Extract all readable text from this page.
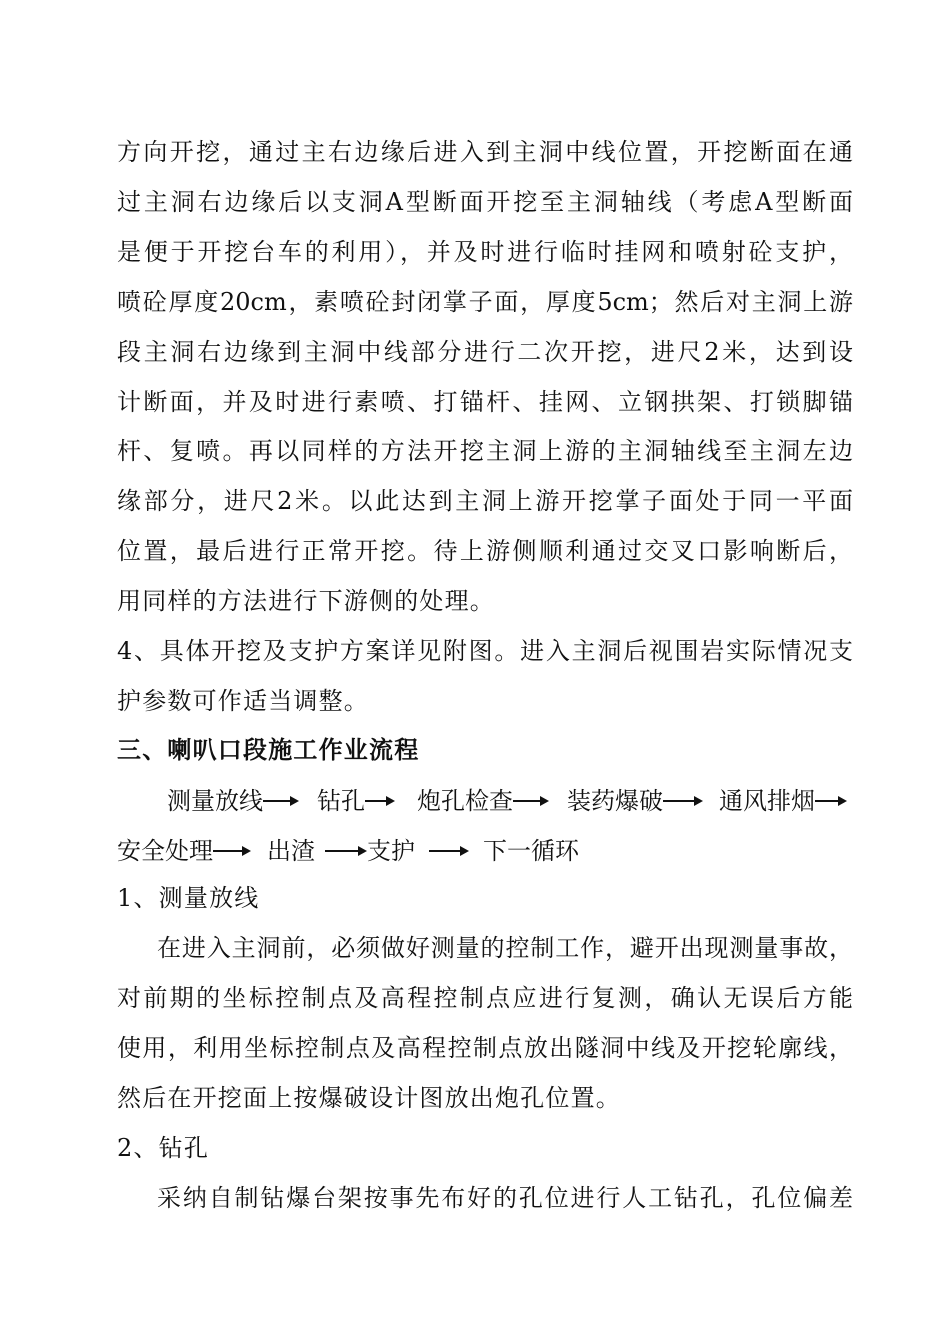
方向开挖，通过主右边缘后进入到主洞中线位置，开挖断面在通
过主洞右边缘后以支洞A型断面开挖至主洞轴线（考虑A型断面
是便于开挖台车的利用），并及时进行临时挂网和喷射砼支护，
喷砼厚度20cm，素喷砼封闭掌子面，厚度5cm；然后对主洞上游
段主洞右边缘到主洞中线部分进行二次开挖，进尺2米，达到设
计断面，并及时进行素喷、打锚杆、挂网、立钢拱架、打锁脚锚
杆、复喷。再以同样的方法开挖主洞上游的主洞轴线至主洞左边
缘部分，进尺2米。以此达到主洞上游开挖掌子面处于同一平面
位置，最后进行正常开挖。待上游侧顺利通过交叉口影响断后，
用同样的方法进行下游侧的处理。
4、具体开挖及支护方案详见附图。进入主洞后视围岩实际情况支
护参数可作适当调整。
三、喇叭口段施工作业流程
测量放线 钻孔 炮孔检查 装药爆破 通风排烟
安全处理 出渣 支护	下一循环
1、测量放线
在进入主洞前，必须做好测量的控制工作，避开出现测量事故，
对前期的坐标控制点及高程控制点应进行复测，确认无误后方能
使用，利用坐标控制点及高程控制点放出隧洞中线及开挖轮廓线，
然后在开挖面上按爆破设计图放出炮孔位置。
2、钻孔
采纳自制钻爆台架按事先布好的孔位进行人工钻孔，孔位偏差
